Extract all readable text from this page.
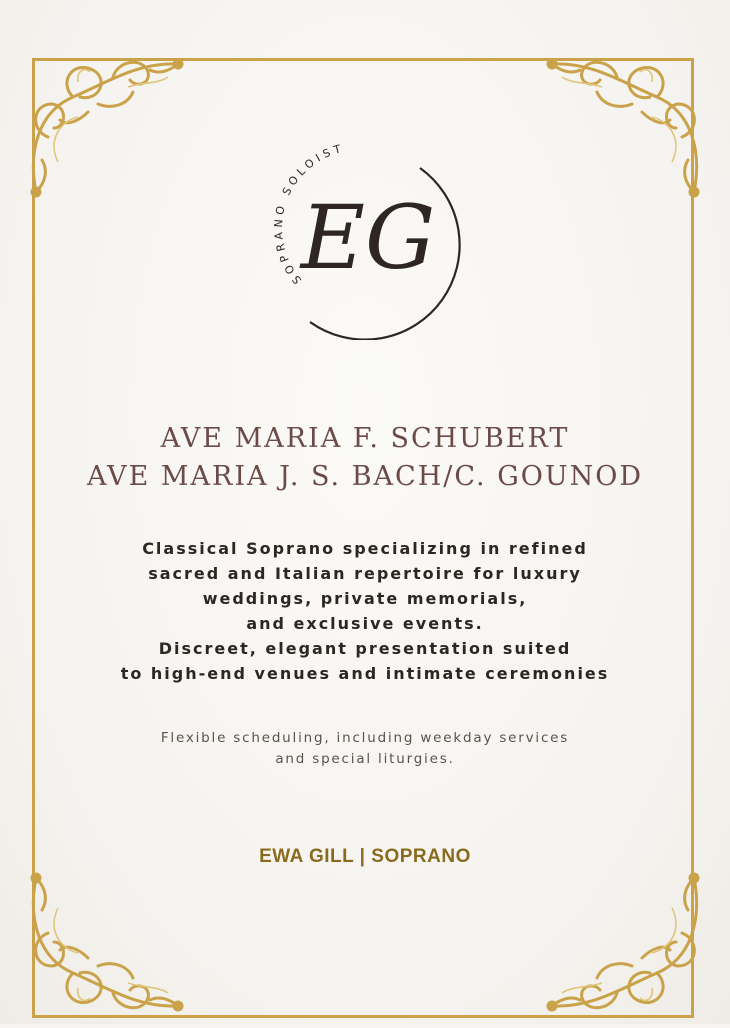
SOPRANO SOLOIST
EG
AVE MARIA F. SCHUBERT
AVE MARIA J. S. BACH/C. GOUNOD
Classical Soprano specializing in refined
sacred and Italian repertoire for luxury
weddings, private memorials,
and exclusive events.
Discreet, elegant presentation suited
to high-end venues and intimate ceremonies
Flexible scheduling, including weekday services
and special liturgies.
EWA GILL | SOPRANO
